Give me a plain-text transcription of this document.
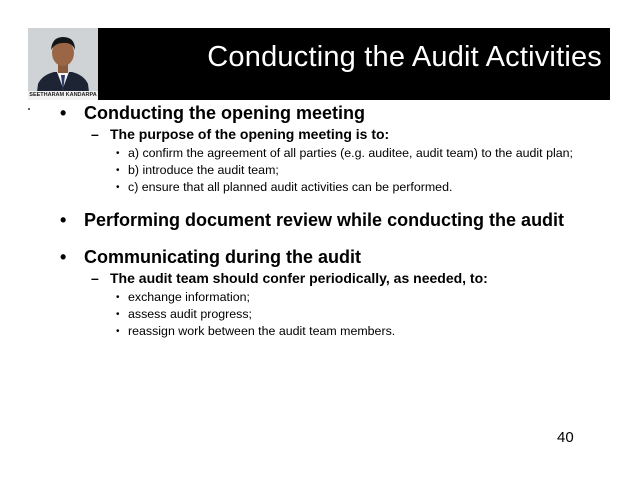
SEETHARAM KANDARPA
Conducting the Audit Activities
• Conducting the opening meeting
– The purpose of the opening meeting is to:
• a) confirm the agreement of all parties (e.g. auditee, audit team) to the audit plan;
• b) introduce the audit team;
• c) ensure that all planned audit activities can be performed.
• Performing document review while conducting the audit
• Communicating during the audit
– The audit team should confer periodically, as needed, to:
• exchange information;
• assess audit progress;
• reassign work between the audit team members.
40
